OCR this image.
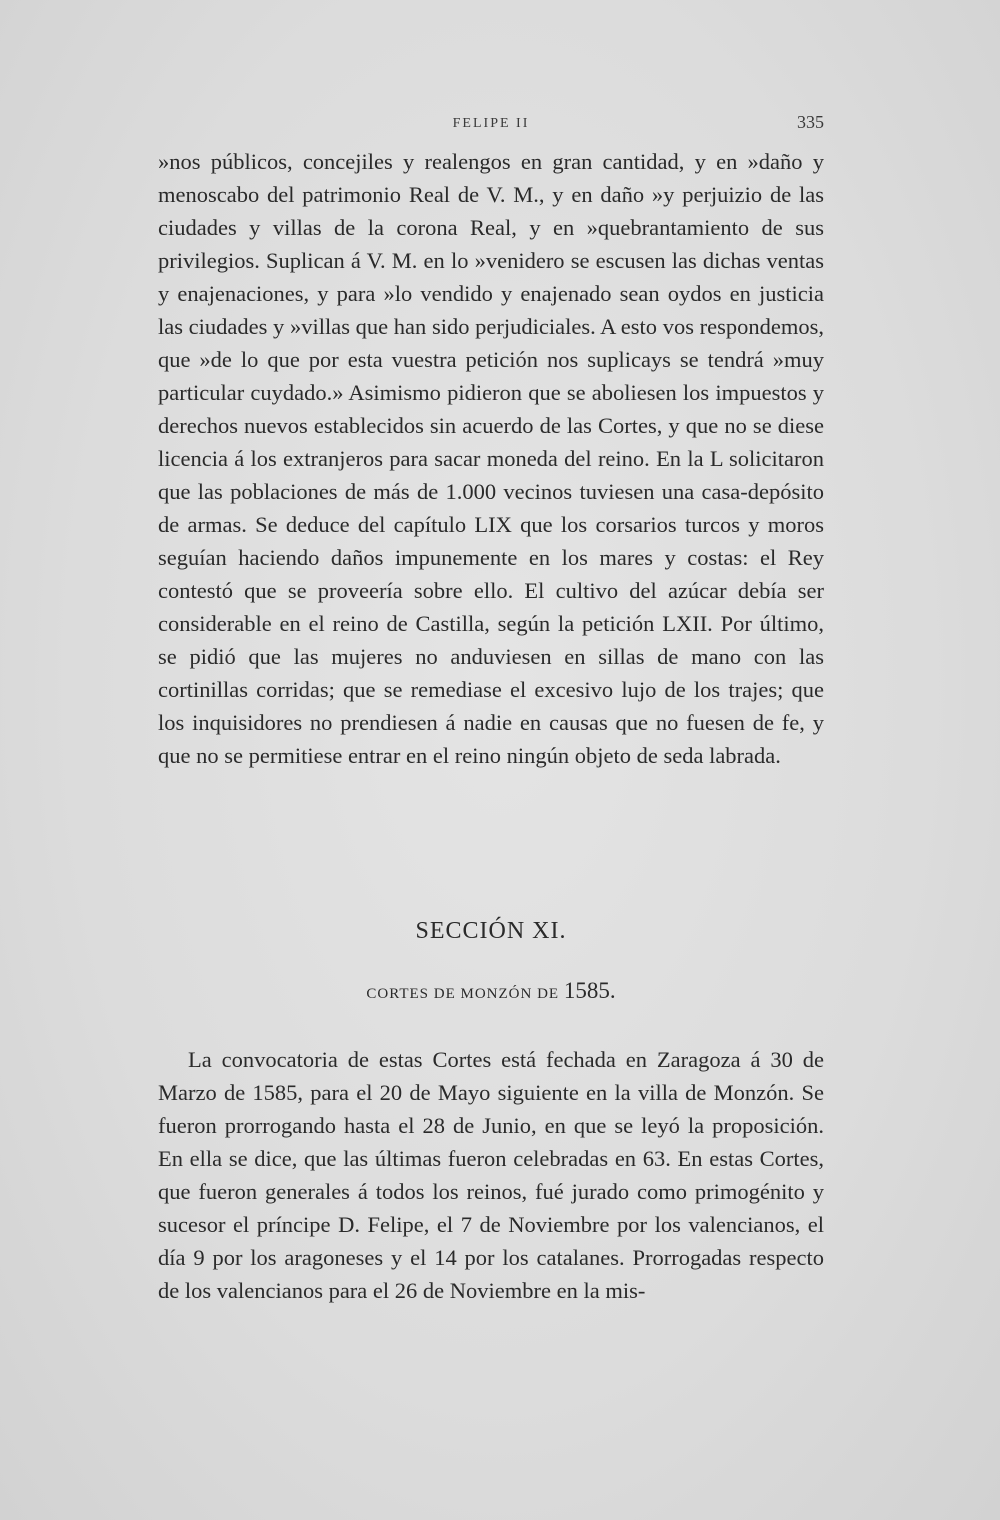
FELIPE II	335

»nos públicos, concejiles y realengos en gran cantidad, y en »daño y menoscabo del patrimonio Real de V. M., y en daño »y perjuizio de las ciudades y villas de la corona Real, y en »quebrantamiento de sus privilegios. Suplican á V. M. en lo »venidero se escusen las dichas ventas y enajenaciones, y para »lo vendido y enajenado sean oydos en justicia las ciudades y »villas que han sido perjudiciales. A esto vos respondemos, que »de lo que por esta vuestra petición nos suplicays se tendrá »muy particular cuydado.» Asimismo pidieron que se aboliesen los impuestos y derechos nuevos establecidos sin acuerdo de las Cortes, y que no se diese licencia á los extranjeros para sacar moneda del reino. En la L solicitaron que las poblaciones de más de 1.000 vecinos tuviesen una casa-depósito de armas. Se deduce del capítulo LIX que los corsarios turcos y moros seguían haciendo daños impunemente en los mares y costas: el Rey contestó que se proveería sobre ello. El cultivo del azúcar debía ser considerable en el reino de Castilla, según la petición LXII. Por último, se pidió que las mujeres no anduviesen en sillas de mano con las cortinillas corridas; que se remediase el excesivo lujo de los trajes; que los inquisidores no prendiesen á nadie en causas que no fuesen de fe, y que no se permitiese entrar en el reino ningún objeto de seda labrada.

SECCIÓN XI.
CORTES DE MONZÓN DE 1585.

La convocatoria de estas Cortes está fechada en Zaragoza á 30 de Marzo de 1585, para el 20 de Mayo siguiente en la villa de Monzón. Se fueron prorrogando hasta el 28 de Junio, en que se leyó la proposición. En ella se dice, que las últimas fueron celebradas en 63. En estas Cortes, que fueron generales á todos los reinos, fué jurado como primogénito y sucesor el príncipe D. Felipe, el 7 de Noviembre por los valencianos, el día 9 por los aragoneses y el 14 por los catalanes. Prorrogadas respecto de los valencianos para el 26 de Noviembre en la mis-
